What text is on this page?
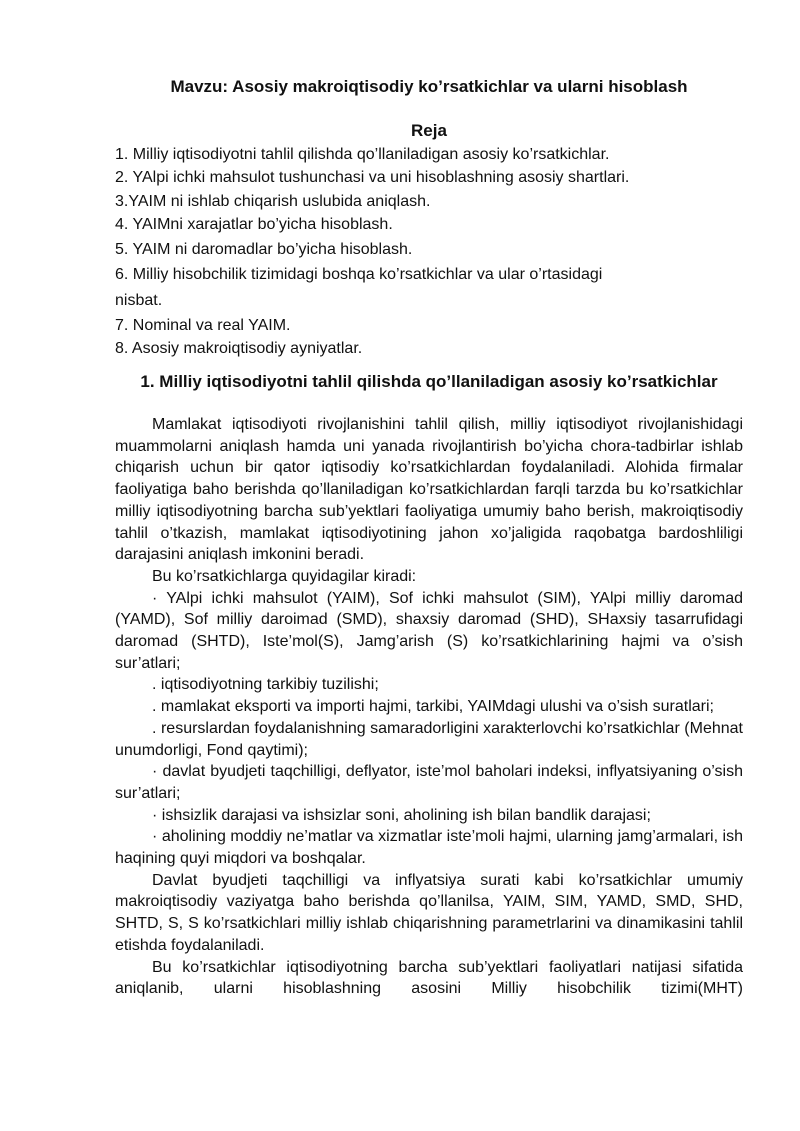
Mavzu: Asosiy makroiqtisodiy ko’rsatkichlar va ularni hisoblash
Reja
1. Milliy iqtisodiyotni tahlil qilishda qo’llaniladigan asosiy ko’rsatkichlar.
2. YAlpi ichki mahsulot tushunchasi va uni hisoblashning asosiy shartlari.
3.YAIM ni ishlab chiqarish uslubida aniqlash.
4. YAIMni xarajatlar bo’yicha hisoblash.
5. YAIM ni daromadlar bo’yicha hisoblash.
6. Milliy hisobchilik tizimidagi boshqa ko’rsatkichlar va ular o’rtasidagi
nisbat.
7. Nominal va real YAIM.
8. Asosiy makroiqtisodiy ayniyatlar.
1. Milliy iqtisodiyotni tahlil qilishda qo’llaniladigan asosiy ko’rsatkichlar

Mamlakat iqtisodiyoti rivojlanishini tahlil qilish, milliy iqtisodiyot rivojlanishidagi muammolarni aniqlash hamda uni yanada rivojlantirish bo’yicha chora-tadbirlar ishlab chiqarish uchun bir qator iqtisodiy ko’rsatkichlardan foydalaniladi. Alohida firmalar faoliyatiga baho berishda qo’llaniladigan ko’rsatkichlardan farqli tarzda bu ko’rsatkichlar milliy iqtisodiyotning barcha sub’yektlari faoliyatiga umumiy baho berish, makroiqtisodiy tahlil o’tkazish, mamlakat iqtisodiyotining jahon xo’jaligida raqobatga bardoshliligi darajasini aniqlash imkonini beradi.

Bu ko’rsatkichlarga quyidagilar kiradi:

· YAlpi ichki mahsulot (YAIM), Sof ichki mahsulot (SIM), YAlpi milliy daromad (YAMD), Sof milliy daroimad (SMD), shaxsiy daromad (SHD), SHaxsiy tasarrufidagi daromad (SHTD), Iste’mol(S), Jamg’arish (S) ko’rsatkichlarining hajmi va o’sish sur’atlari;

. iqtisodiyotning tarkibiy tuzilishi;

. mamlakat eksporti va importi hajmi, tarkibi, YAIMdagi ulushi va o’sish suratlari;

. resurslardan foydalanishning samaradorligini xarakterlovchi ko’rsatkichlar (Mehnat unumdorligi, Fond qaytimi);

· davlat byudjeti taqchilligi, deflyator, iste’mol baholari indeksi, inflyatsiyaning o’sish sur’atlari;

· ishsizlik darajasi va ishsizlar soni, aholining ish bilan bandlik darajasi;

· aholining moddiy ne’matlar va xizmatlar iste’moli hajmi, ularning jamg’armalari, ish haqining quyi miqdori va boshqalar.

Davlat byudjeti taqchilligi va inflyatsiya surati kabi ko’rsatkichlar umumiy makroiqtisodiy vaziyatga baho berishda qo’llanilsa, YAIM, SIM, YAMD, SMD, SHD, SHTD, S, S ko’rsatkichlari milliy ishlab chiqarishning parametrlarini va dinamikasini tahlil etishda foydalaniladi.

Bu ko’rsatkichlar iqtisodiyotning barcha sub’yektlari faoliyatlari natijasi sifatida aniqlanib, ularni hisoblashning asosini Milliy hisobchilik tizimi(MHT)
